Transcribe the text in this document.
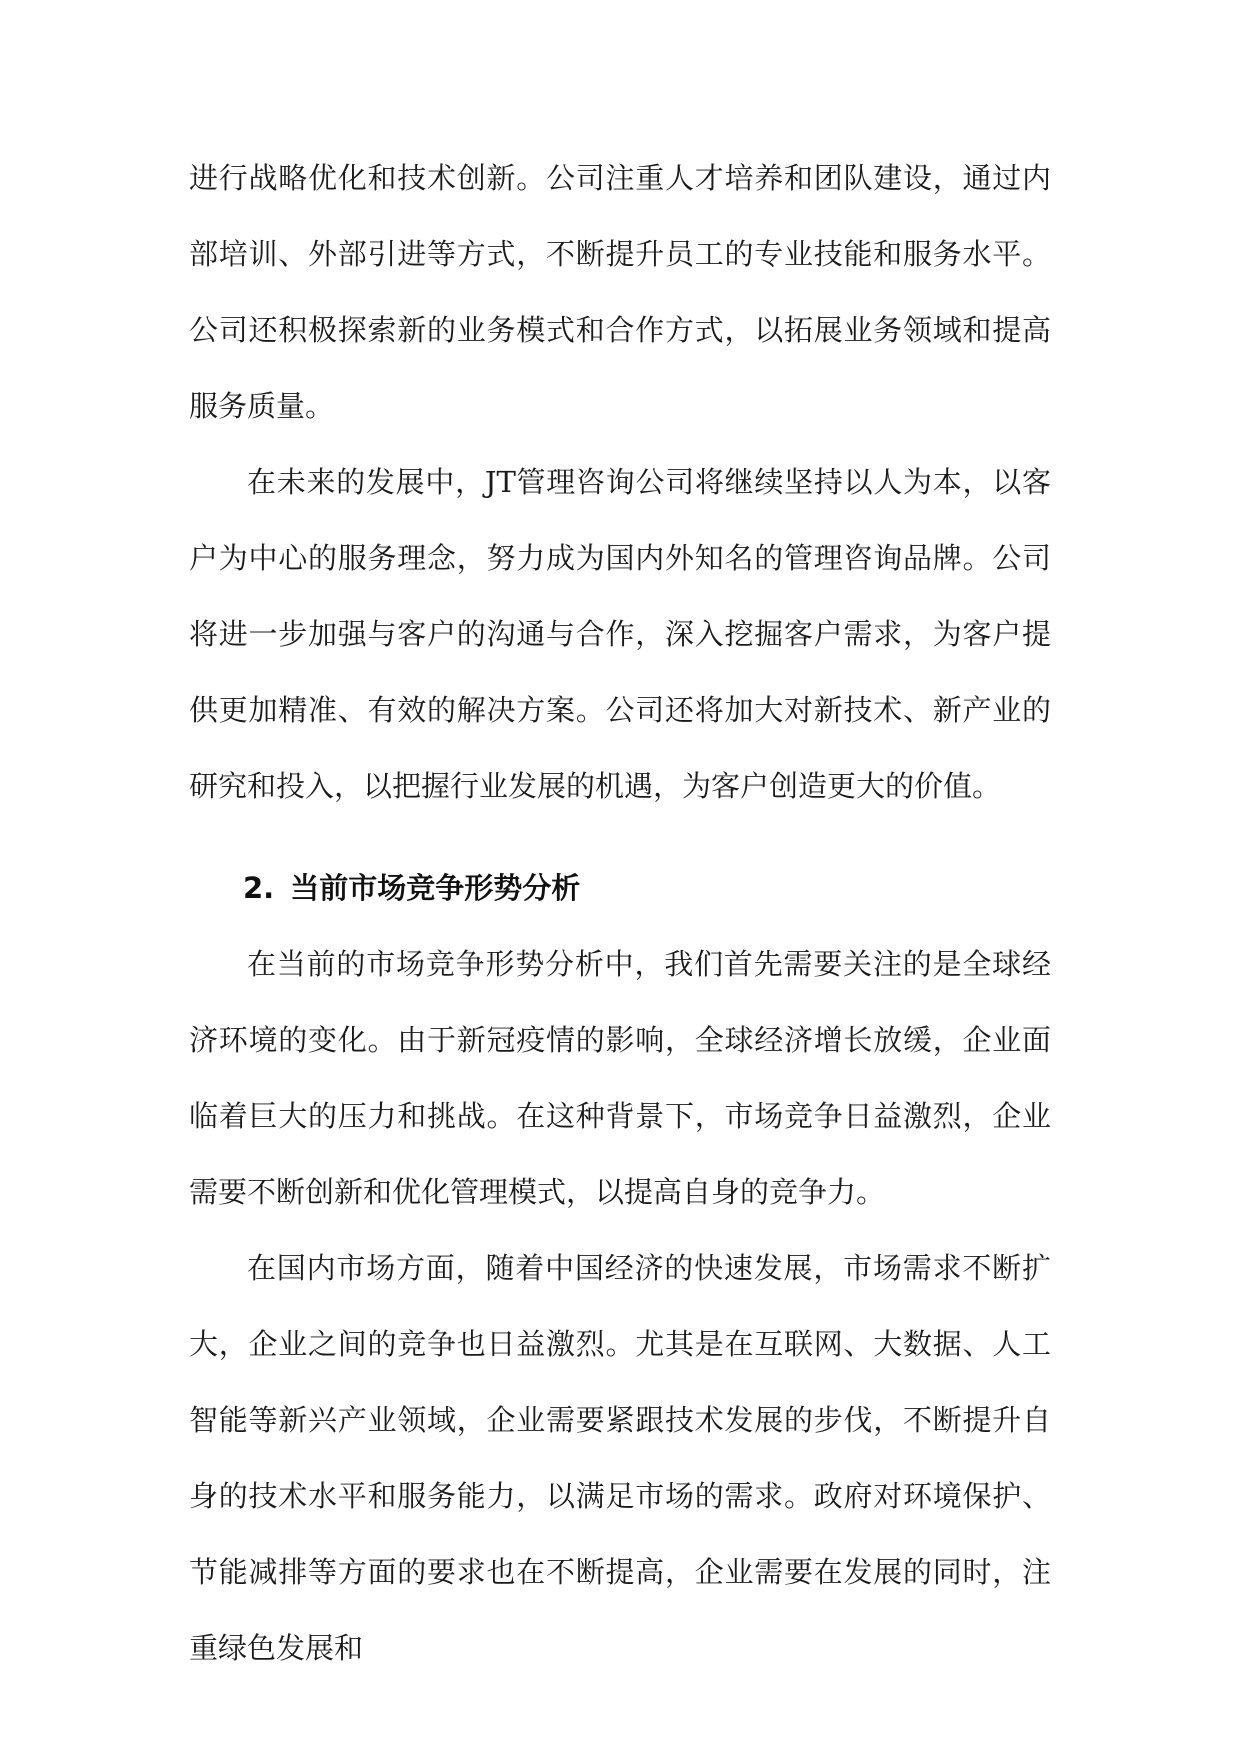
进行战略优化和技术创新。公司注重人才培养和团队建设，通过内部培训、外部引进等方式，不断提升员工的专业技能和服务水平。公司还积极探索新的业务模式和合作方式，以拓展业务领域和提高服务质量。

在未来的发展中，JT管理咨询公司将继续坚持以人为本，以客户为中心的服务理念，努力成为国内外知名的管理咨询品牌。公司将进一步加强与客户的沟通与合作，深入挖掘客户需求，为客户提供更加精准、有效的解决方案。公司还将加大对新技术、新产业的研究和投入，以把握行业发展的机遇，为客户创造更大的价值。

2. 当前市场竞争形势分析

在当前的市场竞争形势分析中，我们首先需要关注的是全球经济环境的变化。由于新冠疫情的影响，全球经济增长放缓，企业面临着巨大的压力和挑战。在这种背景下，市场竞争日益激烈，企业需要不断创新和优化管理模式，以提高自身的竞争力。

在国内市场方面，随着中国经济的快速发展，市场需求不断扩大，企业之间的竞争也日益激烈。尤其是在互联网、大数据、人工智能等新兴产业领域，企业需要紧跟技术发展的步伐，不断提升自身的技术水平和服务能力，以满足市场的需求。政府对环境保护、节能减排等方面的要求也在不断提高，企业需要在发展的同时，注重绿色发展和
